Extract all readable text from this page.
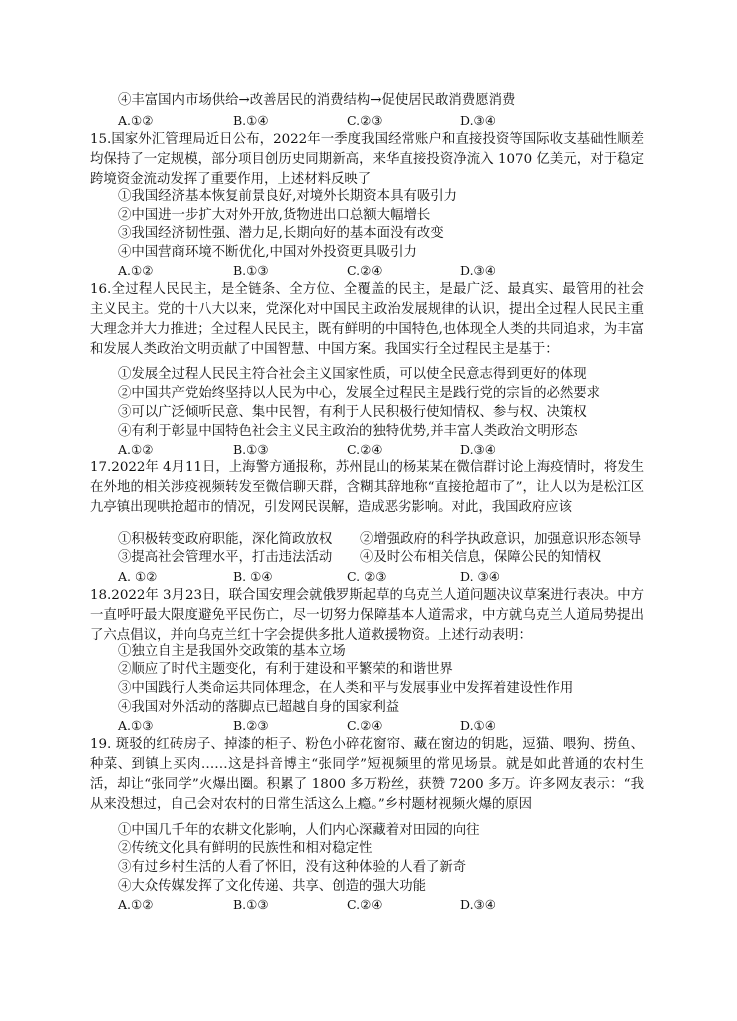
④丰富国内市场供给→改善居民的消费结构→促使居民敢消费愿消费
A.①②	B.①④	C.②③	D.③④
15.国家外汇管理局近日公布，2022年一季度我国经常账户和直接投资等国际收支基础性顺差均保持了一定规模，部分项目创历史同期新高，来华直接投资净流入 1070 亿美元，对于稳定跨境资金流动发挥了重要作用，上述材料反映了
①我国经济基本恢复前景良好,对境外长期资本具有吸引力
②中国进一步扩大对外开放,货物进出口总额大幅增长
③我国经济韧性强、潜力足,长期向好的基本面没有改变
④中国营商环境不断优化,中国对外投资更具吸引力
A.①②	B.①③	C.②④	D.③④
16.全过程人民民主，是全链条、全方位、全覆盖的民主，是最广泛、最真实、最管用的社会主义民主。党的十八大以来，党深化对中国民主政治发展规律的认识，提出全过程人民民主重大理念并大力推进；全过程人民民主，既有鲜明的中国特色,也体现全人类的共同追求，为丰富和发展人类政治文明贡献了中国智慧、中国方案。我国实行全过程民主是基于：
①发展全过程人民民主符合社会主义国家性质，可以使全民意志得到更好的体现
②中国共产党始终坚持以人民为中心，发展全过程民主是践行党的宗旨的必然要求
③可以广泛倾听民意、集中民智，有利于人民积极行使知情权、参与权、决策权
④有利于彰显中国特色社会主义民主政治的独特优势,并丰富人类政治文明形态
A.①②	B.①③	C.②④	D.③④
17.2022年 4月11日，上海警方通报称，苏州昆山的杨某某在微信群讨论上海疫情时，将发生在外地的相关涉疫视频转发至微信聊天群，含糊其辞地称“直接抢超市了”，让人以为是松江区九亭镇出现哄抢超市的情况，引发网民误解，造成恶劣影响。对此，我国政府应该
①积极转变政府职能，深化简政放权 ②增强政府的科学执政意识，加强意识形态领导
③提高社会管理水平，打击违法活动 ④及时公布相关信息，保障公民的知情权
A. ①②	B. ①④	C. ②③	D. ③④
18.2022年 3月23日，联合国安理会就俄罗斯起草的乌克兰人道问题决议草案进行表决。中方一直呼吁最大限度避免平民伤亡，尽一切努力保障基本人道需求，中方就乌克兰人道局势提出了六点倡议，并向乌克兰红十字会提供多批人道救援物资。上述行动表明：
①独立自主是我国外交政策的基本立场
②顺应了时代主题变化，有利于建设和平繁荣的和谐世界
③中国践行人类命运共同体理念，在人类和平与发展事业中发挥着建设性作用
④我国对外活动的落脚点已超越自身的国家利益
A.①③	B.②③	C.②④	D.①④
19. 斑驳的红砖房子、掉漆的柜子、粉色小碎花窗帘、藏在窗边的钥匙，逗猫、喂狗、捞鱼、种菜、到镇上买肉……这是抖音博主“张同学”短视频里的常见场景。就是如此普通的农村生活，却让“张同学”火爆出圈。积累了 1800 多万粉丝，获赞 7200 多万。许多网友表示：“我从来没想过，自己会对农村的日常生活这么上瘾。”乡村题材视频火爆的原因
①中国几千年的农耕文化影响，人们内心深藏着对田园的向往
②传统文化具有鲜明的民族性和相对稳定性
③有过乡村生活的人看了怀旧，没有这种体验的人看了新奇
④大众传媒发挥了文化传递、共享、创造的强大功能
A.①②	B.①③	C.②④	D.③④
